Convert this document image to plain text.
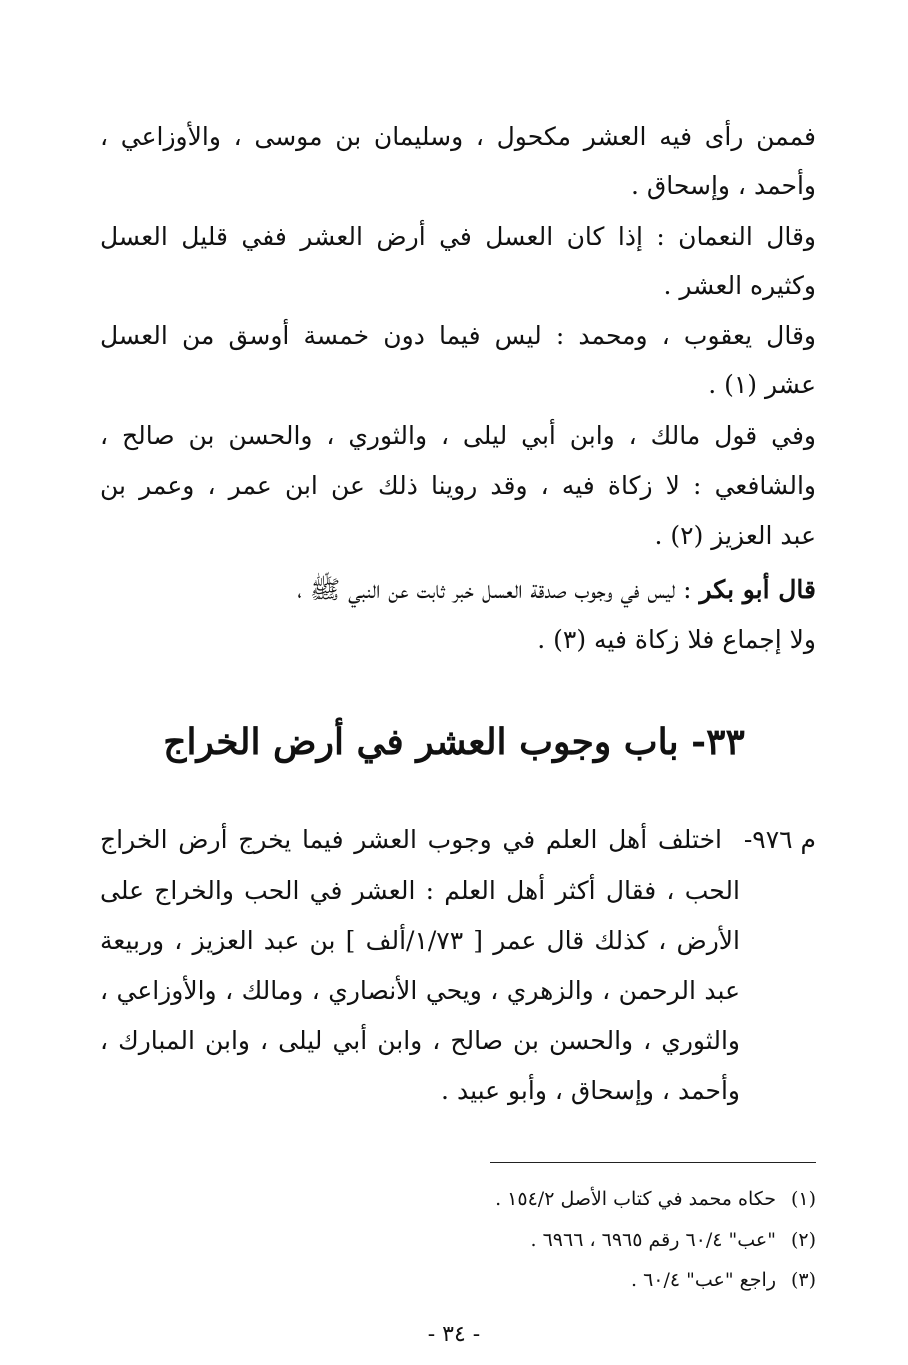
فممن رأى فيه العشر مكحول ، وسليمان بن موسى ، والأوزاعي ،
وأحمد ، وإسحاق .
وقال النعمان : إذا كان العسل في أرض العشر ففي قليل العسل
وكثيره العشر .
وقال يعقوب ، ومحمد : ليس فيما دون خمسة أوسق من العسل
عشر (١) .
وفي قول مالك ، وابن أبي ليلى ، والثوري ، والحسن بن صالح ،
والشافعي : لا زكاة فيه ، وقد روينا ذلك عن ابن عمر ، وعمر بن
عبد العزيز (٢) .
قال أبو بكر : ليس في وجوب صدقة العسل خبر ثابت عن النبي ﷺ ،
ولا إجماع فلا زكاة فيه (٣) .
٣٣- باب وجوب العشر في أرض الخراج
م ٩٧٦-
اختلف أهل العلم في وجوب العشر فيما يخرج أرض الخراج
الحب ، فقال أكثر أهل العلم : العشر في الحب والخراج على
الأرض ، كذلك قال عمر [ ١/٧٣/ألف ] بن عبد العزيز ، وربيعة
عبد الرحمن ، والزهري ، ويحي الأنصاري ، ومالك ، والأوزاعي ،
والثوري ، والحسن بن صالح ، وابن أبي ليلى ، وابن المبارك ،
وأحمد ، وإسحاق ، وأبو عبيد .
(١)حكاه محمد في كتاب الأصل ١٥٤/٢ .
(٢)"عب" ٦٠/٤ رقم ٦٩٦٥ ، ٦٩٦٦ .
(٣)راجع "عب" ٦٠/٤ .
- ٣٤ -
